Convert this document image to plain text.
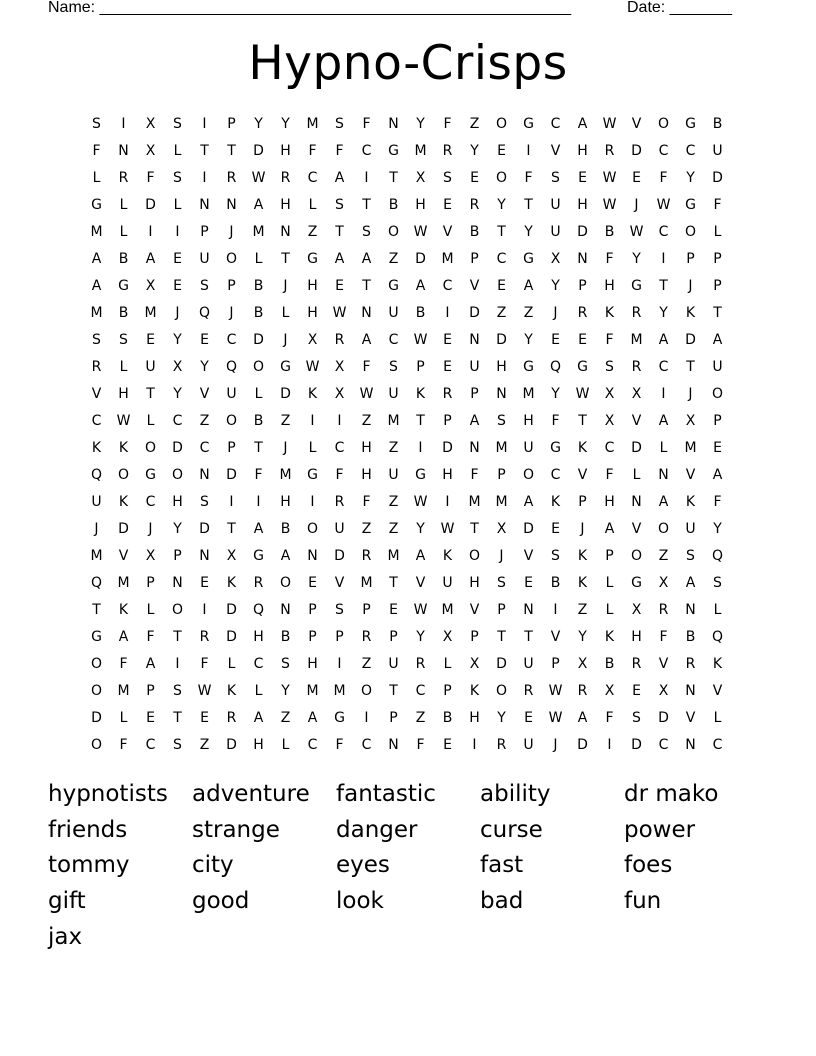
Name: _____________________________________________________	Date: _______
Hypno-Crisps
S	I	X	S	I	P	Y	Y	M	S	F	N	Y	F	Z	O	G	C	A	W	V	O	G	B
F	N	X	L	T	T	D	H	F	F	C	G	M	R	Y	E	I	V	H	R	D	C	C	U
L	R	F	S	I	R	W	R	C	A	I	T	X	S	E	O	F	S	E	W	E	F	Y	D
G	L	D	L	N	N	A	H	L	S	T	B	H	E	R	Y	T	U	H	W	J	W	G	F
M	L	I	I	P	J	M	N	Z	T	S	O	W	V	B	T	Y	U	D	B	W	C	O	L
A	B	A	E	U	O	L	T	G	A	A	Z	D	M	P	C	G	X	N	F	Y	I	P	P
A	G	X	E	S	P	B	J	H	E	T	G	A	C	V	E	A	Y	P	H	G	T	J	P
M	B	M	J	Q	J	B	L	H	W	N	U	B	I	D	Z	Z	J	R	K	R	Y	K	T
S	S	E	Y	E	C	D	J	X	R	A	C	W	E	N	D	Y	E	E	F	M	A	D	A
R	L	U	X	Y	Q	O	G	W	X	F	S	P	E	U	H	G	Q	G	S	R	C	T	U
V	H	T	Y	V	U	L	D	K	X	W	U	K	R	P	N	M	Y	W	X	X	I	J	O
C	W	L	C	Z	O	B	Z	I	I	Z	M	T	P	A	S	H	F	T	X	V	A	X	P
K	K	O	D	C	P	T	J	L	C	H	Z	I	D	N	M	U	G	K	C	D	L	M	E
Q	O	G	O	N	D	F	M	G	F	H	U	G	H	F	P	O	C	V	F	L	N	V	A
U	K	C	H	S	I	I	H	I	R	F	Z	W	I	M	M	A	K	P	H	N	A	K	F
J	D	J	Y	D	T	A	B	O	U	Z	Z	Y	W	T	X	D	E	J	A	V	O	U	Y
M	V	X	P	N	X	G	A	N	D	R	M	A	K	O	J	V	S	K	P	O	Z	S	Q
Q	M	P	N	E	K	R	O	E	V	M	T	V	U	H	S	E	B	K	L	G	X	A	S
T	K	L	O	I	D	Q	N	P	S	P	E	W	M	V	P	N	I	Z	L	X	R	N	L
G	A	F	T	R	D	H	B	P	P	R	P	Y	X	P	T	T	V	Y	K	H	F	B	Q
O	F	A	I	F	L	C	S	H	I	Z	U	R	L	X	D	U	P	X	B	R	V	R	K
O	M	P	S	W	K	L	Y	M	M	O	T	C	P	K	O	R	W	R	X	E	X	N	V
D	L	E	T	E	R	A	Z	A	G	I	P	Z	B	H	Y	E	W	A	F	S	D	V	L
O	F	C	S	Z	D	H	L	C	F	C	N	F	E	I	R	U	J	D	I	D	C	N	C
hypnotists	adventure	fantastic	ability	dr mako
friends	strange	danger	curse	power
tommy	city	eyes	fast	foes
gift	good	look	bad	fun
jax
